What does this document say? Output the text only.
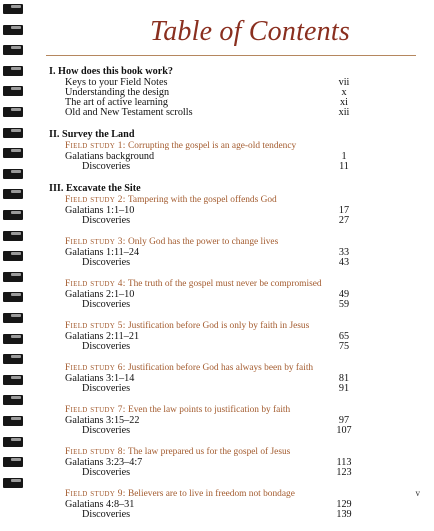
Table of Contents
I. How does this book work?
Keys to your Field Notes	vii
Understanding the design	x
The art of active learning	xi
Old and New Testament scrolls	xii
II. Survey the Land
Field study 1: Corrupting the gospel is an age-old tendency
Galatians background	1
Discoveries	11
III. Excavate the Site
Field study 2: Tampering with the gospel offends God
Galatians 1:1–10	17
Discoveries	27
Field study 3: Only God has the power to change lives
Galatians 1:11–24	33
Discoveries	43
Field study 4: The truth of the gospel must never be compromised
Galatians 2:1–10	49
Discoveries	59
Field study 5: Justification before God is only by faith in Jesus
Galatians 2:11–21	65
Discoveries	75
Field study 6: Justification before God has always been by faith
Galatians 3:1–14	81
Discoveries	91
Field study 7: Even the law points to justification by faith
Galatians 3:15–22	97
Discoveries	107
Field study 8: The law prepared us for the gospel of Jesus
Galatians 3:23–4:7	113
Discoveries	123
Field study 9: Believers are to live in freedom not bondage
Galatians 4:8–31	129
Discoveries	139
v
